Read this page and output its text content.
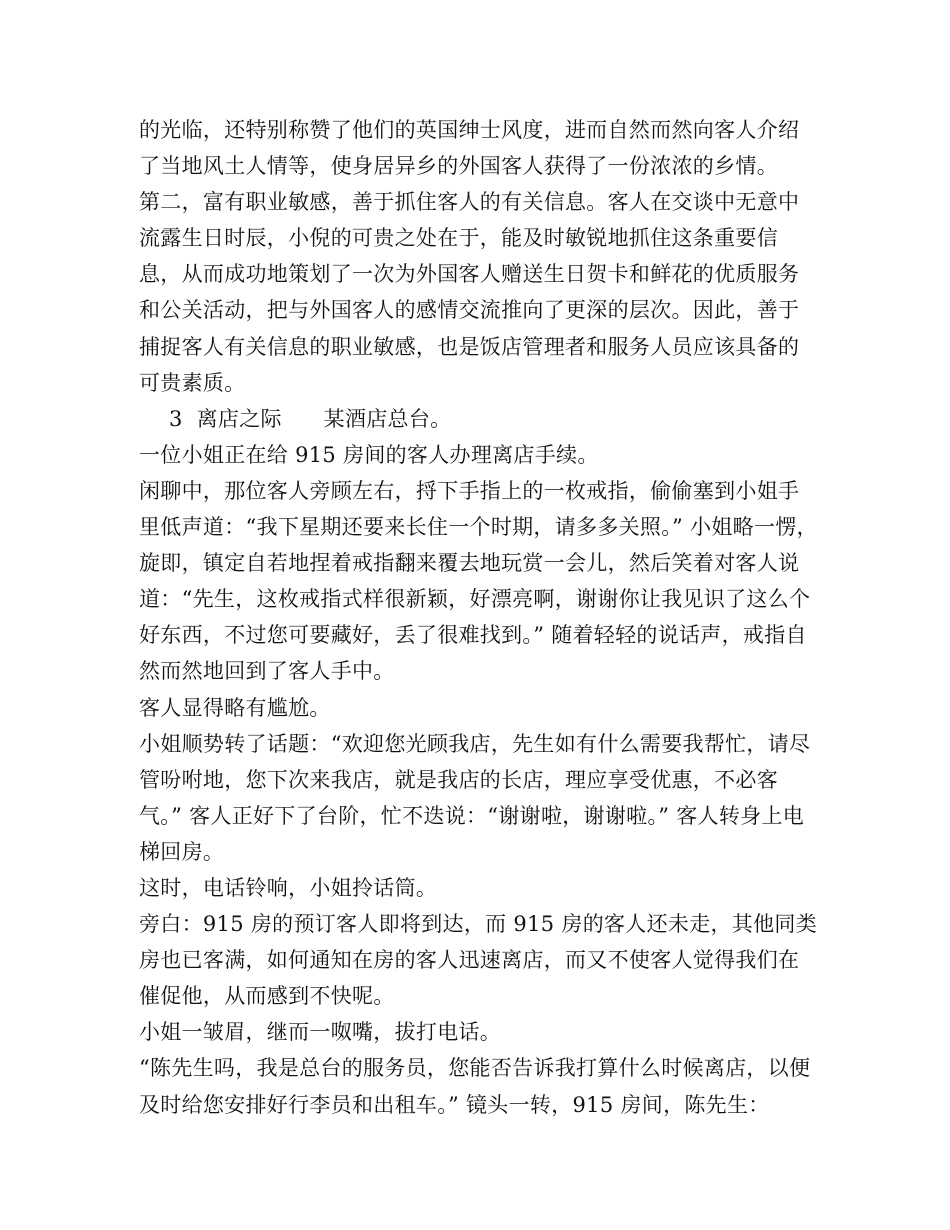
的光临，还特别称赞了他们的英国绅士风度，进而自然而然向客人介绍了当地风土人情等，使身居异乡的外国客人获得了一份浓浓的乡情。

第二，富有职业敏感，善于抓住客人的有关信息。客人在交谈中无意中流露生日时辰，小倪的可贵之处在于，能及时敏锐地抓住这条重要信息，从而成功地策划了一次为外国客人赠送生日贺卡和鲜花的优质服务和公关活动，把与外国客人的感情交流推向了更深的层次。因此，善于捕捉客人有关信息的职业敏感，也是饭店管理者和服务人员应该具备的可贵素质。

3  离店之际      某酒店总台。

一位小姐正在给 915 房间的客人办理离店手续。

闲聊中，那位客人旁顾左右，捋下手指上的一枚戒指，偷偷塞到小姐手里低声道：“我下星期还要来长住一个时期，请多多关照。” 小姐略一愣，旋即，镇定自若地捏着戒指翻来覆去地玩赏一会儿，然后笑着对客人说道：“先生，这枚戒指式样很新颖，好漂亮啊，谢谢你让我见识了这么个好东西，不过您可要藏好，丢了很难找到。” 随着轻轻的说话声，戒指自然而然地回到了客人手中。

客人显得略有尴尬。

小姐顺势转了话题：“欢迎您光顾我店，先生如有什么需要我帮忙，请尽管吩咐地，您下次来我店，就是我店的长店，理应享受优惠，不必客气。” 客人正好下了台阶，忙不迭说：“谢谢啦，谢谢啦。” 客人转身上电梯回房。

这时，电话铃响，小姐拎话筒。

旁白：915 房的预订客人即将到达，而 915 房的客人还未走，其他同类房也已客满，如何通知在房的客人迅速离店，而又不使客人觉得我们在催促他，从而感到不快呢。

小姐一皱眉，继而一呶嘴，拔打电话。

“陈先生吗，我是总台的服务员，您能否告诉我打算什么时候离店，以便及时给您安排好行李员和出租车。” 镜头一转，915 房间，陈先生：
